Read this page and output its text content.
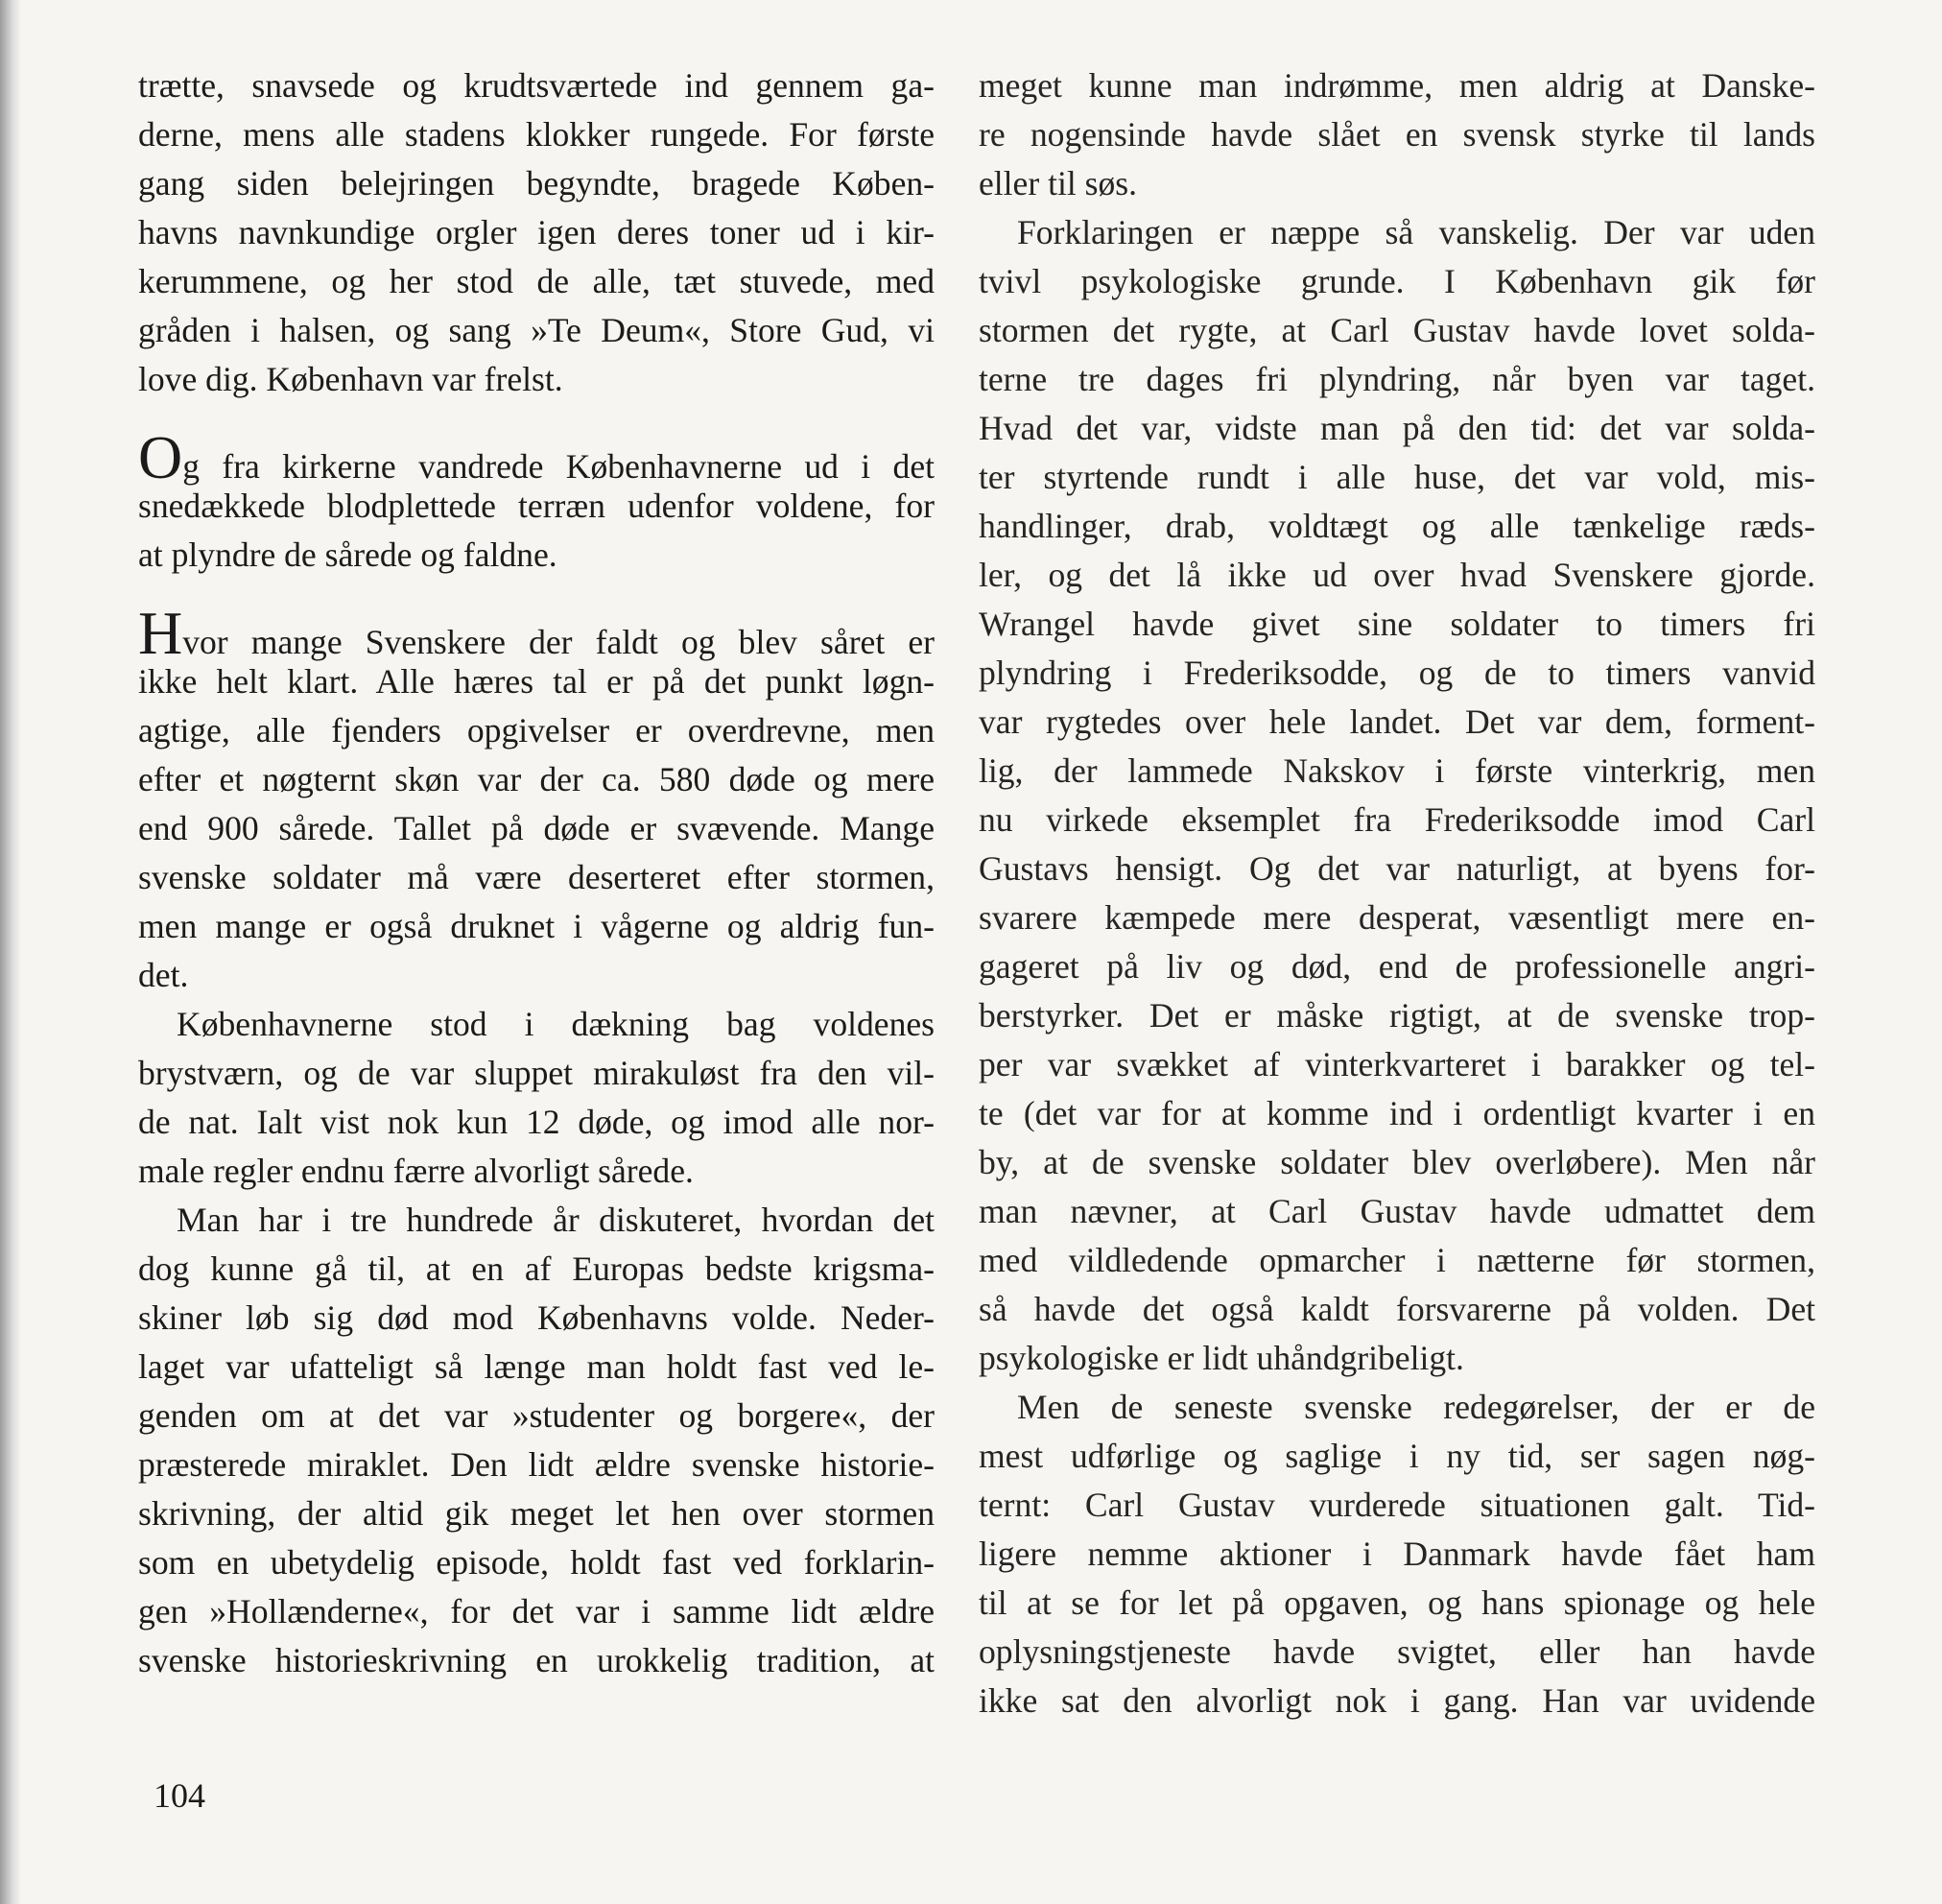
trætte, snavsede og krudtsværtede ind gennem ga-
derne, mens alle stadens klokker rungede. For første
gang siden belejringen begyndte, bragede Køben-
havns navnkundige orgler igen deres toner ud i kir-
kerummene, og her stod de alle, tæt stuvede, med
gråden i halsen, og sang »Te Deum«, Store Gud, vi
love dig. København var frelst.
Og fra kirkerne vandrede Københavnerne ud i det
snedækkede blodplettede terræn udenfor voldene, for
at plyndre de sårede og faldne.
Hvor mange Svenskere der faldt og blev såret er
ikke helt klart. Alle hæres tal er på det punkt løgn-
agtige, alle fjenders opgivelser er overdrevne, men
efter et nøgternt skøn var der ca. 580 døde og mere
end 900 sårede. Tallet på døde er svævende. Mange
svenske soldater må være deserteret efter stormen,
men mange er også druknet i vågerne og aldrig fun-
det.
Københavnerne stod i dækning bag voldenes
brystværn, og de var sluppet mirakuløst fra den vil-
de nat. Ialt vist nok kun 12 døde, og imod alle nor-
male regler endnu færre alvorligt sårede.
Man har i tre hundrede år diskuteret, hvordan det
dog kunne gå til, at en af Europas bedste krigsma-
skiner løb sig død mod Københavns volde. Neder-
laget var ufatteligt så længe man holdt fast ved le-
genden om at det var »studenter og borgere«, der
præsterede miraklet. Den lidt ældre svenske historie-
skrivning, der altid gik meget let hen over stormen
som en ubetydelig episode, holdt fast ved forklarin-
gen »Hollænderne«, for det var i samme lidt ældre
svenske historieskrivning en urokkelig tradition, at
meget kunne man indrømme, men aldrig at Danske-
re nogensinde havde slået en svensk styrke til lands
eller til søs.
Forklaringen er næppe så vanskelig. Der var uden
tvivl psykologiske grunde. I København gik før
stormen det rygte, at Carl Gustav havde lovet solda-
terne tre dages fri plyndring, når byen var taget.
Hvad det var, vidste man på den tid: det var solda-
ter styrtende rundt i alle huse, det var vold, mis-
handlinger, drab, voldtægt og alle tænkelige ræds-
ler, og det lå ikke ud over hvad Svenskere gjorde.
Wrangel havde givet sine soldater to timers fri
plyndring i Frederiksodde, og de to timers vanvid
var rygtedes over hele landet. Det var dem, forment-
lig, der lammede Nakskov i første vinterkrig, men
nu virkede eksemplet fra Frederiksodde imod Carl
Gustavs hensigt. Og det var naturligt, at byens for-
svarere kæmpede mere desperat, væsentligt mere en-
gageret på liv og død, end de professionelle angri-
berstyrker. Det er måske rigtigt, at de svenske trop-
per var svækket af vinterkvarteret i barakker og tel-
te (det var for at komme ind i ordentligt kvarter i en
by, at de svenske soldater blev overløbere). Men når
man nævner, at Carl Gustav havde udmattet dem
med vildledende opmarcher i nætterne før stormen,
så havde det også kaldt forsvarerne på volden. Det
psykologiske er lidt uhåndgribeligt.
Men de seneste svenske redegørelser, der er de
mest udførlige og saglige i ny tid, ser sagen nøg-
ternt: Carl Gustav vurderede situationen galt. Tid-
ligere nemme aktioner i Danmark havde fået ham
til at se for let på opgaven, og hans spionage og hele
oplysningstjeneste havde svigtet, eller han havde
ikke sat den alvorligt nok i gang. Han var uvidende
104
